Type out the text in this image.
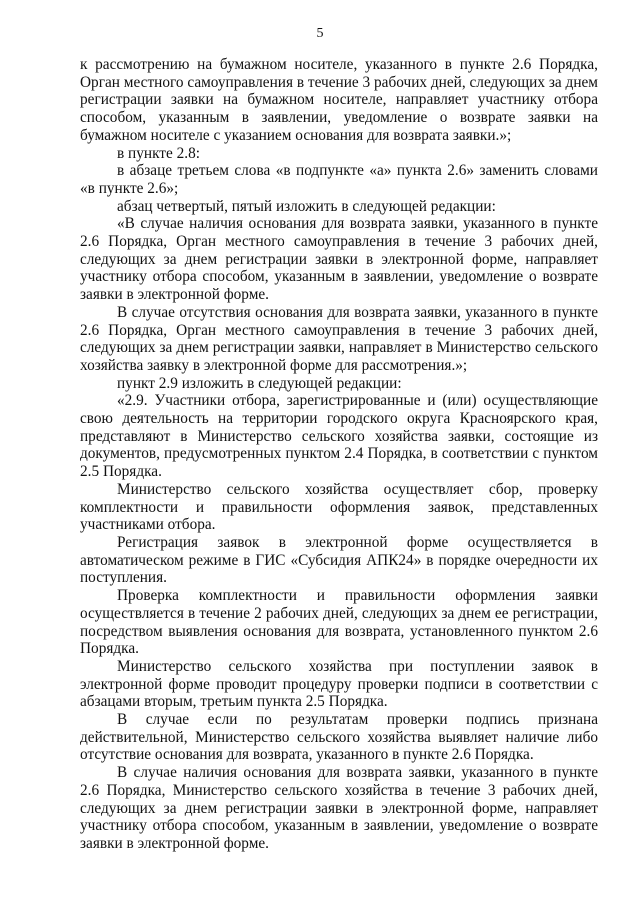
5

к рассмотрению на бумажном носителе, указанного в пункте 2.6 Порядка, Орган местного самоуправления в течение 3 рабочих дней, следующих за днем регистрации заявки на бумажном носителе, направляет участнику отбора способом, указанным в заявлении, уведомление о возврате заявки на бумажном носителе с указанием основания для возврата заявки.»;

в пункте 2.8:

в абзаце третьем слова «в подпункте «а» пункта 2.6» заменить словами «в пункте 2.6»;

абзац четвертый, пятый изложить в следующей редакции:

«В случае наличия основания для возврата заявки, указанного в пункте 2.6 Порядка, Орган местного самоуправления в течение 3 рабочих дней, следующих за днем регистрации заявки в электронной форме, направляет участнику отбора способом, указанным в заявлении, уведомление о возврате заявки в электронной форме.

В случае отсутствия основания для возврата заявки, указанного в пункте 2.6 Порядка, Орган местного самоуправления в течение 3 рабочих дней, следующих за днем регистрации заявки, направляет в Министерство сельского хозяйства заявку в электронной форме для рассмотрения.»;

пункт 2.9 изложить в следующей редакции:

«2.9. Участники отбора, зарегистрированные и (или) осуществляющие свою деятельность на территории городского округа Красноярского края, представляют в Министерство сельского хозяйства заявки, состоящие из документов, предусмотренных пунктом 2.4 Порядка, в соответствии с пунктом 2.5 Порядка.

Министерство сельского хозяйства осуществляет сбор, проверку комплектности и правильности оформления заявок, представленных участниками отбора.

Регистрация заявок в электронной форме осуществляется в автоматическом режиме в ГИС «Субсидия АПК24» в порядке очередности их поступления.

Проверка комплектности и правильности оформления заявки осуществляется в течение 2 рабочих дней, следующих за днем ее регистрации, посредством выявления основания для возврата, установленного пунктом 2.6 Порядка.

Министерство сельского хозяйства при поступлении заявок в электронной форме проводит процедуру проверки подписи в соответствии с абзацами вторым, третьим пункта 2.5 Порядка.

В случае если по результатам проверки подпись признана действительной, Министерство сельского хозяйства выявляет наличие либо отсутствие основания для возврата, указанного в пункте 2.6 Порядка.

В случае наличия основания для возврата заявки, указанного в пункте 2.6 Порядка, Министерство сельского хозяйства в течение 3 рабочих дней, следующих за днем регистрации заявки в электронной форме, направляет участнику отбора способом, указанным в заявлении, уведомление о возврате заявки в электронной форме.
